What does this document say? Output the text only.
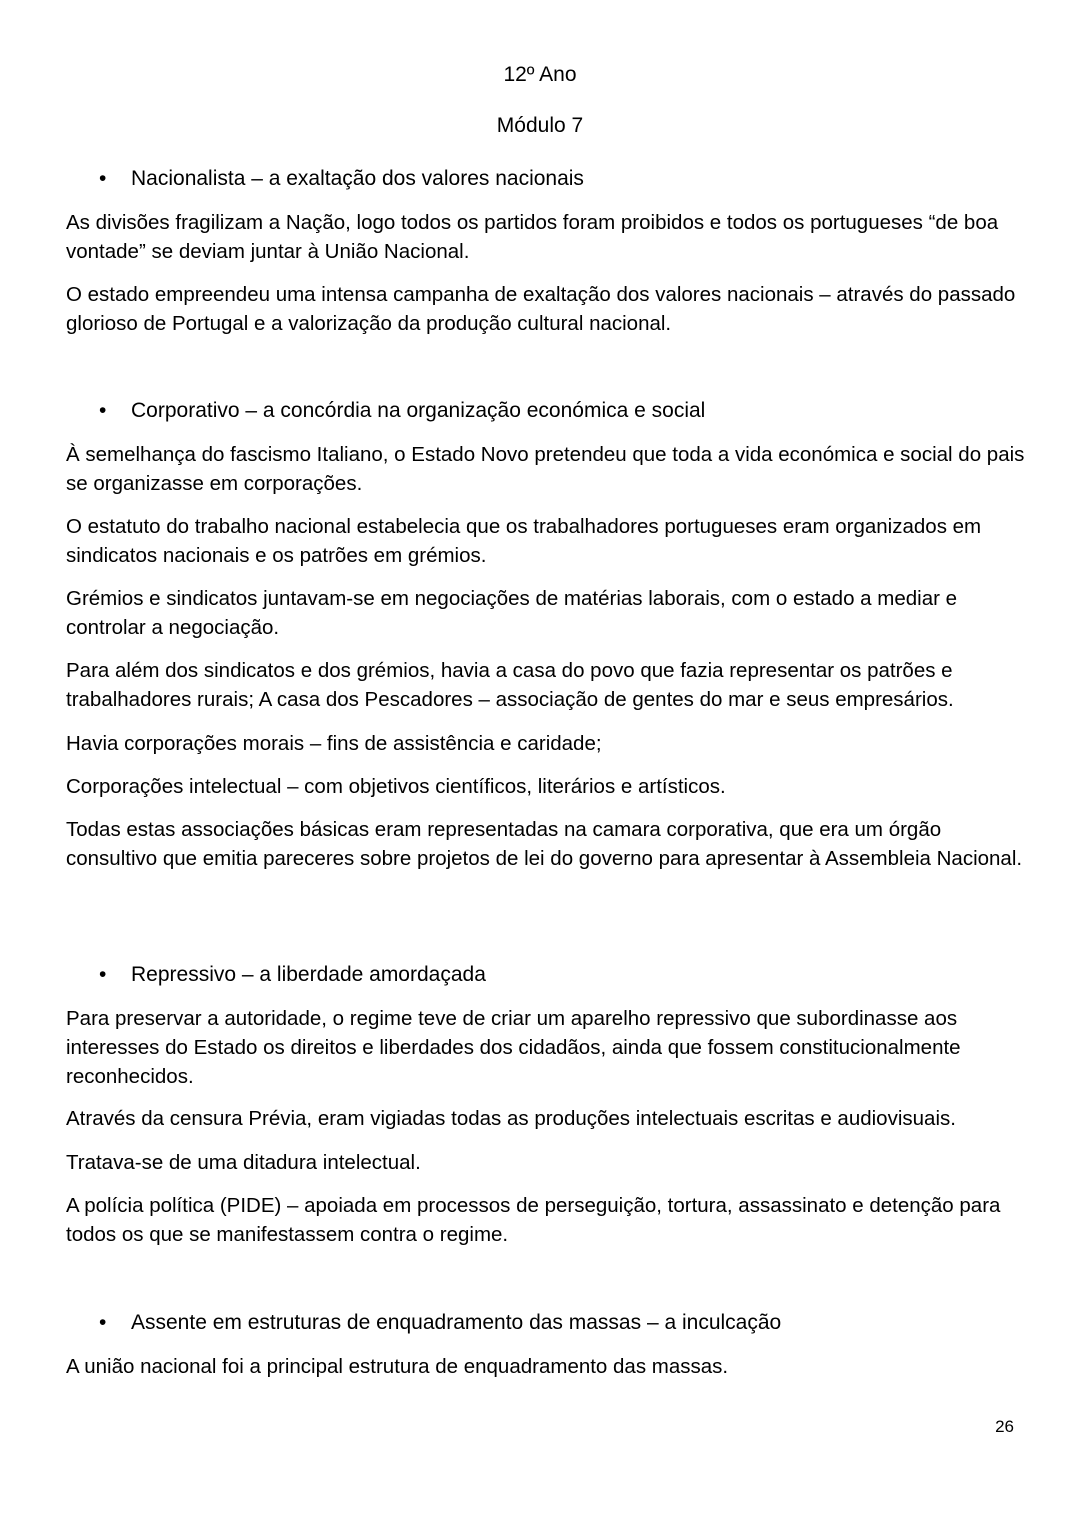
12º Ano
Módulo 7
• Nacionalista – a exaltação dos valores nacionais
As divisões fragilizam a Nação, logo todos os partidos foram proibidos e todos os portugueses “de boa vontade” se deviam juntar à União Nacional.
O estado empreendeu uma intensa campanha de exaltação dos valores nacionais – através do passado glorioso de Portugal e a valorização da produção cultural nacional.
• Corporativo – a concórdia na organização económica e social
À semelhança do fascismo Italiano, o Estado Novo pretendeu que toda a vida económica e social do pais se organizasse em corporações.
O estatuto do trabalho nacional estabelecia que os trabalhadores portugueses eram organizados em sindicatos nacionais e os patrões em grémios.
Grémios e sindicatos juntavam-se em negociações de matérias laborais, com o estado a mediar e controlar a negociação.
Para além dos sindicatos e dos grémios, havia a casa do povo que fazia representar os patrões e trabalhadores rurais; A casa dos Pescadores – associação de gentes do mar e seus empresários.
Havia corporações morais – fins de assistência e caridade;
Corporações intelectual – com objetivos científicos, literários e artísticos.
Todas estas associações básicas eram representadas na camara corporativa, que era um órgão consultivo que emitia pareceres sobre projetos de lei do governo para apresentar à Assembleia Nacional.
• Repressivo – a liberdade amordaçada
Para preservar a autoridade, o regime teve de criar um aparelho repressivo que subordinasse aos interesses do Estado os direitos e liberdades dos cidadãos, ainda que fossem constitucionalmente reconhecidos.
Através da censura Prévia, eram vigiadas todas as produções intelectuais escritas e audiovisuais.
Tratava-se de uma ditadura intelectual.
A polícia política (PIDE) – apoiada em processos de perseguição, tortura, assassinato e detenção para todos os que se manifestassem contra o regime.
• Assente em estruturas de enquadramento das massas – a inculcação
A união nacional foi a principal estrutura de enquadramento das massas.
26
